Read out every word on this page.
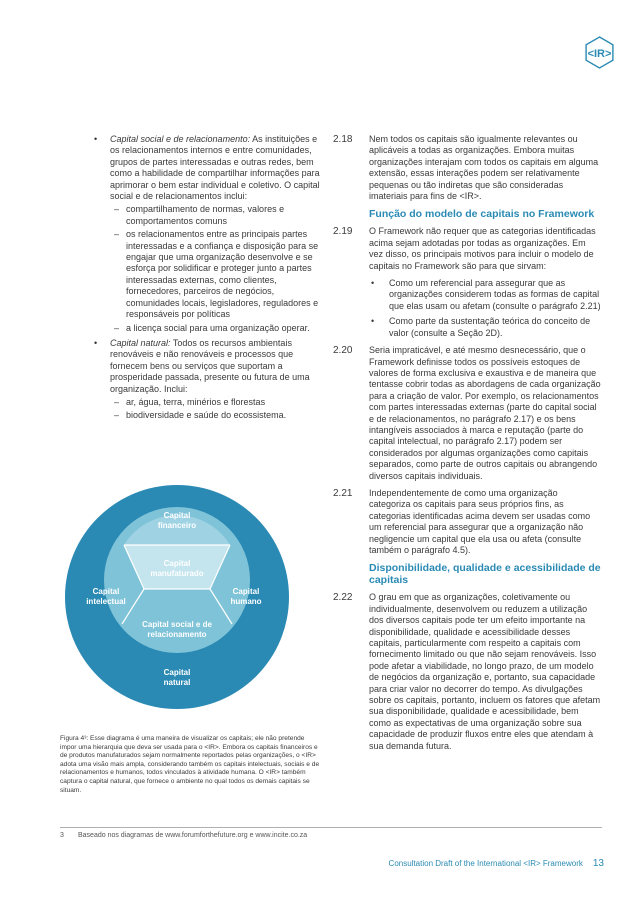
<IR>
• Capital social e de relacionamento: As instituições e os relacionamentos internos e entre comunidades, grupos de partes interessadas e outras redes, bem como a habilidade de compartilhar informações para aprimorar o bem estar individual e coletivo. O capital social e de relacionamentos inclui:
– compartilhamento de normas, valores e comportamentos comuns
– os relacionamentos entre as principais partes interessadas e a confiança e disposição para se engajar que uma organização desenvolve e se esforça por solidificar e proteger junto a partes interessadas externas, como clientes, fornecedores, parceiros de negócios, comunidades locais, legisladores, reguladores e responsáveis por políticas
– a licença social para uma organização operar.
• Capital natural: Todos os recursos ambientais renováveis e não renováveis e processos que fornecem bens ou serviços que suportam a prosperidade passada, presente ou futura de uma organização. Inclui:
– ar, água, terra, minérios e florestas
– biodiversidade e saúde do ecossistema.
Capital financeiro
Capital manufaturado
Capital intelectual
Capital humano
Capital social e de relacionamento
Capital natural
Figura 4³: Esse diagrama é uma maneira de visualizar os capitais; ele não pretende impor uma hierarquia que deva ser usada para o <IR>. Embora os capitais financeiros e de produtos manufaturados sejam normalmente reportados pelas organizações, o <IR> adota uma visão mais ampla, considerando também os capitais intelectuais, sociais e de relacionamentos e humanos, todos vinculados à atividade humana. O <IR> também captura o capital natural, que fornece o ambiente no qual todos os demais capitais se situam.
2.18 Nem todos os capitais são igualmente relevantes ou aplicáveis a todas as organizações. Embora muitas organizações interajam com todos os capitais em alguma extensão, essas interações podem ser relativamente pequenas ou tão indiretas que são consideradas imateriais para fins de <IR>.
Função do modelo de capitais no Framework
2.19 O Framework não requer que as categorias identificadas acima sejam adotadas por todas as organizações. Em vez disso, os principais motivos para incluir o modelo de capitais no Framework são para que sirvam:
• Como um referencial para assegurar que as organizações considerem todas as formas de capital que elas usam ou afetam (consulte o parágrafo 2.21)
• Como parte da sustentação teórica do conceito de valor (consulte a Seção 2D).
2.20 Seria impraticável, e até mesmo desnecessário, que o Framework definisse todos os possíveis estoques de valores de forma exclusiva e exaustiva e de maneira que tentasse cobrir todas as abordagens de cada organização para a criação de valor. Por exemplo, os relacionamentos com partes interessadas externas (parte do capital social e de relacionamentos, no parágrafo 2.17) e os bens intangíveis associados à marca e reputação (parte do capital intelectual, no parágrafo 2.17) podem ser considerados por algumas organizações como capitais separados, como parte de outros capitais ou abrangendo diversos capitais individuais.
2.21 Independentemente de como uma organização categoriza os capitais para seus próprios fins, as categorias identificadas acima devem ser usadas como um referencial para assegurar que a organização não negligencie um capital que ela usa ou afeta (consulte também o parágrafo 4.5).
Disponibilidade, qualidade e acessibilidade de capitais
2.22 O grau em que as organizações, coletivamente ou individualmente, desenvolvem ou reduzem a utilização dos diversos capitais pode ter um efeito importante na disponibilidade, qualidade e acessibilidade desses capitais, particularmente com respeito a capitais com fornecimento limitado ou que não sejam renováveis. Isso pode afetar a viabilidade, no longo prazo, de um modelo de negócios da organização e, portanto, sua capacidade para criar valor no decorrer do tempo. As divulgações sobre os capitais, portanto, incluem os fatores que afetam sua disponibilidade, qualidade e acessibilidade, bem como as expectativas de uma organização sobre sua capacidade de produzir fluxos entre eles que atendam à sua demanda futura.
3 Baseado nos diagramas de www.forumforthefuture.org e www.incite.co.za
Consultation Draft of the International <IR> Framework 13
